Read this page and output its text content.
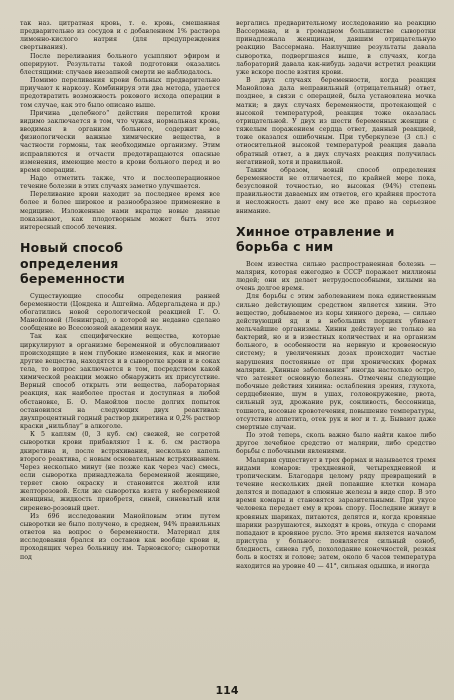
так наз. цитратная кровь, т. е. кровь, смешанная предварительно из сосудов и с добавлением 1% раствора лимонно-кислого натрия (для предупреждения свертывания).

После переливания больного усыпляют эфиром и оперируют. Результаты такой подготовки оказались блестящими: случаев внезапной смерти не наблюдалось.

Помимо переливания крови больных предварительно приучают к наркозу. Комбинируя эти два метода, удается предотвратить возможность рокового исхода операции в том случае, как это было описано выше.

Причина „целебного“ действия перелитой крови видимо заключается в том, что чужая, нормальная кровь, вводимая в организм больного, содержит все физиологически важные химические вещества, в частности гормоны, так необходимые организму. Этим исправляются и отчасти предотвращаются опасные изменения, имеющие место в крови больного перед и во время операции.

Надо отметить также, что и послеоперационное течение болезни в этих случаях заметно улучшается.

Переливание крови находит за последнее время все более и более широкое и разнообразное применение в медицине. Изложенные нами вкратце новые данные показывают, как плодотворным может быть этот интересный способ лечения.

Новый способ определения беременности

Существующие способы определения ранней беременности (Цондека и Ашгейма. Абдергальдена и др.) обогатились новой серологической реакцией Г. О. Манойловой (Ленинград), о которой не недавно сделано сообщение во Всесоюзной академии наук.

Так как специфические вещества, которые циркулируют в организме беременной и обусловливают происходящие в нем глубокие изменения, как и многие другие вещества, находятся и в сыворотке крови и в соках тела, то вопрос заключается в том, посредством какой химической реакции можно обнаружить их присутствие. Верный способ открыть эти вещества, лабораторная реакция, как наиболее простая и доступная в любой обстановке, Б. О. Манойлов после долгих попыток остановился на следующих двух реактивах: двухпроцентный годный раствор дкиретина и 0,2% раствор краски „нильблау“ в алкоголе.

К 5 каплям (0, 3 куб. см) свежей, не согретой сыворотки крови прибавляют 1 к. 6. см раствора дкиретина и, после встряхивания, несколько капель второго реактива, с новым основательным встряхиванием. Через несколько минут (не позже как через час) смесь, если сыворотка принадлежала беременной женщине, теряет свою окраску и становится желтой или желторозовой. Если же сыворотка взята у небеременной женщины, жидкость приобретя, синей, синеватый или сиренево-розовый цвет.

Из 696 исследовании Манойловым этим путем сыворотки не было получено, в среднем, 94% правильных ответов на вопрос о беременности. Материал для исследования брался из составов как вообще крови и, проходящих через больницу им. Тарновского; сыворотки под

вергались предварительному исследованию на реакцию Вассермана, и в громадном большинстве сыворотки принадлежала женщинам, давшим отрицательную реакцию Вассермана. Наилучшие результаты давала сыворотка, подвергшаяся выше, в случаях, когда лабораторий давала как-нибудь задачи встретил реакции уже вскоре после взятия крови.

В двух случаях беременности, когда реакция Манойлова дала неправильный (отрицательный) ответ, позднее, в связи с операцией, была установлена мочка матки; в двух случаях беременности, протекающей с высокой температурой, реакция тоже оказалась отрицательной. У двух из шести беременных женщин с тяжелым поражением сердца ответ, данный реакцией, тоже оказался ошибочным. При туберкулезе (3 сл.) с относительной высокой температурой реакция давала обратный ответ, а в двух случаях реакция получилась негативной, хотя и правильной.

Таким образом, новый способ определения беременности не отличается, по крайней мере пока, безусловной точностью, но высокая (94%) степень правильности даваемых им ответов, его крайняя простота и несложность дают ему все же право на серьезное внимание.

Хинное отравление и борьба с ним

Всем известна сильно распространенная болезнь — малярия, которая ежегодно в СССР поражает миллионы людей; они их делает нетрудоспособными, хилыми на очень долгое время.

Для борьбы с этим заболеванием пока единственным сильно действующим средством является хинин. Это вещество, добываемое из коры хинного дерева, — сильно действующий яд и в небольших порциях убивает мельчайшие организмы. Хинин действует не только на бактерий, но и в известных количествах и на организм больного, в особенности на нервную и кровеносную систему; в увеличенных дозах происходит частые нарушения постоянные от при хронических формах малярии. „Хинные заболевания“ иногда настолько остро, что затеняет основную болезнь. Отмечены следующие побочные действия хинина: ослабления зрения, глухота, сердцебиение, шум в ушах, головокружение, рвота, сильный зуд, дрожание рук, сонливость, бессонница, тошнота, носовые кровотечения, повышение температуры, отсутствие аппетита, отек рук и ног и т. д. Бывают даже смертные случаи.

По этой теперь, сколь важно было найти какое либо другое лечебное средство от малярии, либо средство борьбы с побочными явлениями.

Малярия существует в трех формах и называется тремя видами комаров: трехдневной, четырехдневной и тропическим. Благодаря целому ряду превращений в течение нескольких дней попавшие клетки комара делятся и попадают в слюнные железы в виде спор. В это время комары и становятся заразительными. При укусе человека передает ему в кровь спору. Последние живут в кровяных шариках, питаются, делятся и, когда кровяные шарики разрушаются, выходят в кровь, откуда с спорами попадают в кровяное русло. Это время является началом приступа у больного: появляется сильный озноб, бледность, синева губ, похолодание конечностей, резкая боль в костях и голове; затем, около 6 часов температура находится на уровне 40 — 41°, сильная одышка, и иногда

114
